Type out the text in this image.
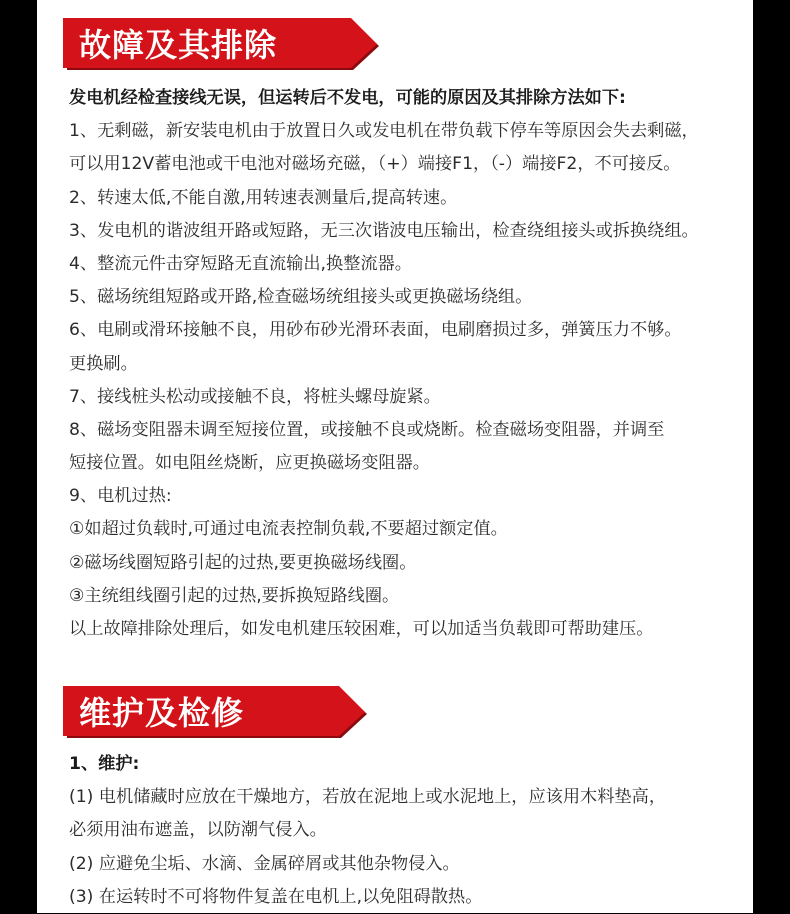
故障及其排除
发电机经检查接线无误，但运转后不发电，可能的原因及其排除方法如下:
1、无剩磁，新安装电机由于放置日久或发电机在带负载下停车等原因会失去剩磁，
可以用12V蓄电池或干电池对磁场充磁，（+）端接F1，（-）端接F2，不可接反。
2、转速太低,不能自激,用转速表测量后,提高转速。
3、发电机的谐波组开路或短路，无三次谐波电压输出，检查绕组接头或拆换绕组。
4、整流元件击穿短路无直流输出,换整流器。
5、磁场统组短路或开路,检查磁场统组接头或更换磁场绕组。
6、电刷或滑环接触不良，用砂布砂光滑环表面，电刷磨损过多，弹簧压力不够。
更换刷。
7、接线桩头松动或接触不良，将桩头螺母旋紧。
8、磁场变阻器未调至短接位置，或接触不良或烧断。检查磁场变阻器，并调至
短接位置。如电阻丝烧断，应更换磁场变阻器。
9、电机过热:
①如超过负载时,可通过电流表控制负载,不要超过额定值。
②磁场线圈短路引起的过热,要更换磁场线圈。
③主统组线圈引起的过热,要拆换短路线圈。
以上故障排除处理后，如发电机建压较困难，可以加适当负载即可帮助建压。
维护及检修
1、维护:
(1) 电机储藏时应放在干燥地方，若放在泥地上或水泥地上，应该用木料垫高，
必须用油布遮盖，以防潮气侵入。
(2) 应避免尘垢、水滴、金属碎屑或其他杂物侵入。
(3) 在运转时不可将物件复盖在电机上,以免阻碍散热。
